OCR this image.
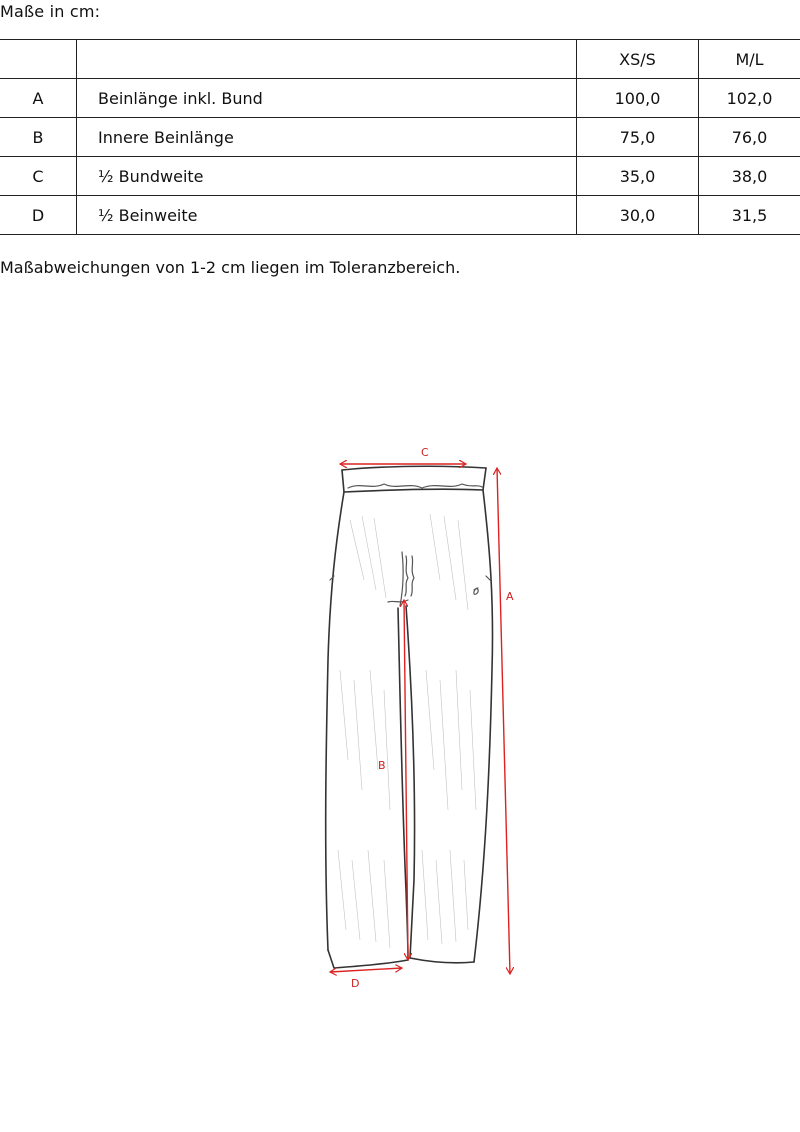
Maße in cm:
		XS/S	M/L
A	Beinlänge inkl. Bund	100,0	102,0
B	Innere Beinlänge	75,0	76,0
C	½ Bundweite	35,0	38,0
D	½ Beinweite	30,0	31,5
Maßabweichungen von 1-2 cm liegen im Toleranzbereich.
C
A
B
D
